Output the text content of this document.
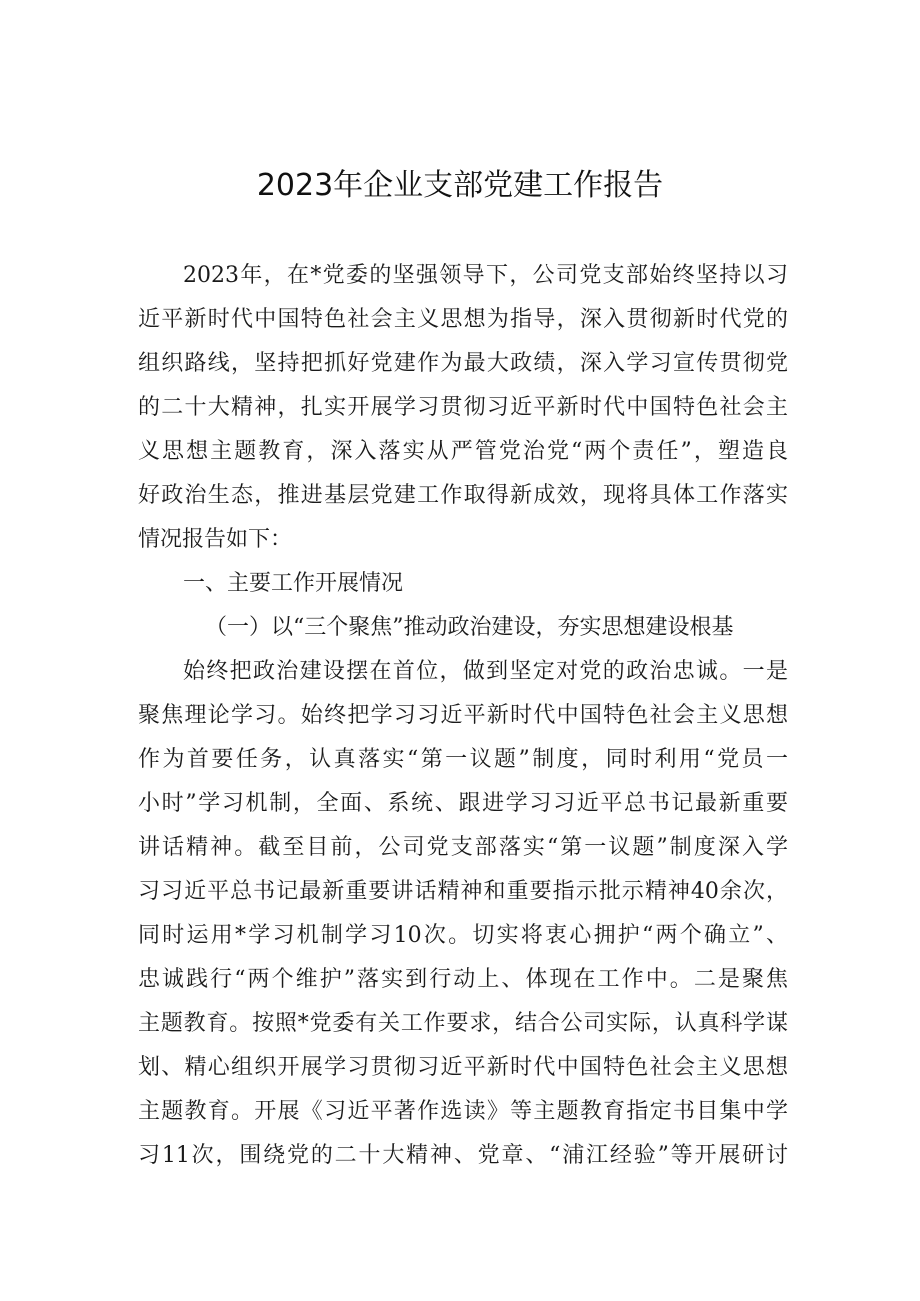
2023年企业支部党建工作报告
2023年，在*党委的坚强领导下，公司党支部始终坚持以习
近平新时代中国特色社会主义思想为指导，深入贯彻新时代党的
组织路线，坚持把抓好党建作为最大政绩，深入学习宣传贯彻党
的二十大精神，扎实开展学习贯彻习近平新时代中国特色社会主
义思想主题教育，深入落实从严管党治党“两个责任”，塑造良
好政治生态，推进基层党建工作取得新成效，现将具体工作落实
情况报告如下：
一、主要工作开展情况
（一）以“三个聚焦”推动政治建设，夯实思想建设根基
始终把政治建设摆在首位，做到坚定对党的政治忠诚。一是
聚焦理论学习。始终把学习习近平新时代中国特色社会主义思想
作为首要任务，认真落实“第一议题”制度，同时利用“党员一
小时”学习机制，全面、系统、跟进学习习近平总书记最新重要
讲话精神。截至目前，公司党支部落实“第一议题”制度深入学
习习近平总书记最新重要讲话精神和重要指示批示精神40余次，
同时运用*学习机制学习10次。切实将衷心拥护“两个确立”、
忠诚践行“两个维护”落实到行动上、体现在工作中。二是聚焦
主题教育。按照*党委有关工作要求，结合公司实际，认真科学谋
划、精心组织开展学习贯彻习近平新时代中国特色社会主义思想
主题教育。开展《习近平著作选读》等主题教育指定书目集中学
习11次，围绕党的二十大精神、党章、“浦江经验”等开展研讨
